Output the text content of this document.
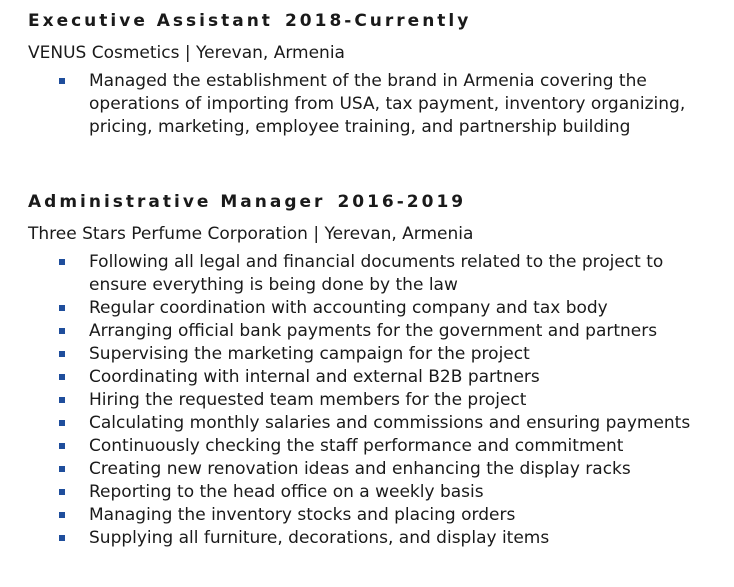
Executive Assistant 2018-Currently

VENUS Cosmetics | Yerevan, Armenia

Managed the establishment of the brand in Armenia covering the operations of importing from USA, tax payment, inventory organizing, pricing, marketing, employee training, and partnership building
Administrative Manager 2016-2019

Three Stars Perfume Corporation | Yerevan, Armenia

Following all legal and financial documents related to the project to ensure everything is being done by the law
Regular coordination with accounting company and tax body
Arranging official bank payments for the government and partners
Supervising the marketing campaign for the project
Coordinating with internal and external B2B partners
Hiring the requested team members for the project
Calculating monthly salaries and commissions and ensuring payments
Continuously checking the staff performance and commitment
Creating new renovation ideas and enhancing the display racks
Reporting to the head office on a weekly basis
Managing the inventory stocks and placing orders
Supplying all furniture, decorations, and display items
